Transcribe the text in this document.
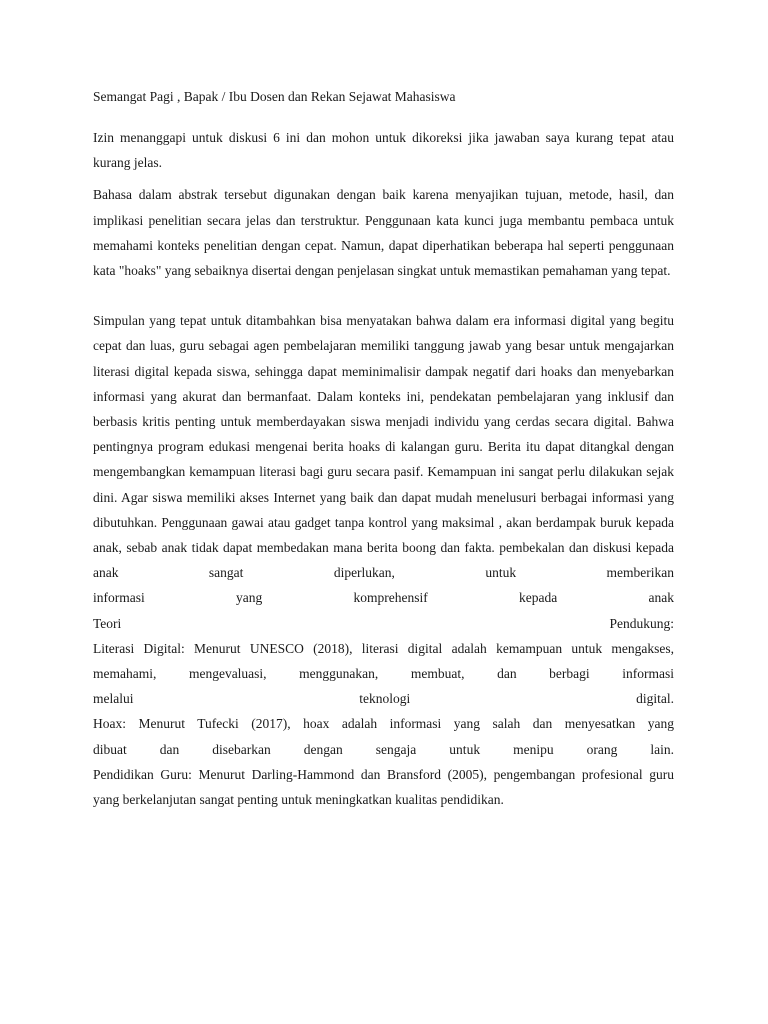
Semangat Pagi , Bapak / Ibu Dosen dan Rekan Sejawat Mahasiswa

Izin menanggapi untuk diskusi 6 ini dan mohon untuk dikoreksi jika jawaban saya kurang tepat atau kurang jelas.

Bahasa dalam abstrak tersebut digunakan dengan baik karena menyajikan tujuan, metode, hasil, dan implikasi penelitian secara jelas dan terstruktur. Penggunaan kata kunci juga membantu pembaca untuk memahami konteks penelitian dengan cepat. Namun, dapat diperhatikan beberapa hal seperti penggunaan kata "hoaks" yang sebaiknya disertai dengan penjelasan singkat untuk memastikan pemahaman yang tepat.

Simpulan yang tepat untuk ditambahkan bisa menyatakan bahwa dalam era informasi digital yang begitu cepat dan luas, guru sebagai agen pembelajaran memiliki tanggung jawab yang besar untuk mengajarkan literasi digital kepada siswa, sehingga dapat meminimalisir dampak negatif dari hoaks dan menyebarkan informasi yang akurat dan bermanfaat. Dalam konteks ini, pendekatan pembelajaran yang inklusif dan berbasis kritis penting untuk memberdayakan siswa menjadi individu yang cerdas secara digital. Bahwa pentingnya program edukasi mengenai berita hoaks di kalangan guru. Berita itu dapat ditangkal dengan mengembangkan kemampuan literasi bagi guru secara pasif. Kemampuan ini sangat perlu dilakukan sejak dini. Agar siswa memiliki akses Internet yang baik dan dapat mudah menelusuri berbagai informasi yang dibutuhkan. Penggunaan gawai atau gadget tanpa kontrol yang maksimal , akan berdampak buruk kepada anak, sebab anak tidak dapat membedakan mana berita boong dan fakta. pembekalan dan diskusi kepada anak sangat diperlukan, untuk memberikan
informasi yang komprehensif kepada anak
Teori Pendukung:
Literasi Digital: Menurut UNESCO (2018), literasi digital adalah kemampuan untuk mengakses, memahami, mengevaluasi, menggunakan, membuat, dan berbagi informasi
melalui teknologi digital.
Hoax: Menurut Tufecki (2017), hoax adalah informasi yang salah dan menyesatkan yang
dibuat dan disebarkan dengan sengaja untuk menipu orang lain.
Pendidikan Guru: Menurut Darling-Hammond dan Bransford (2005), pengembangan profesional guru yang berkelanjutan sangat penting untuk meningkatkan kualitas pendidikan.
